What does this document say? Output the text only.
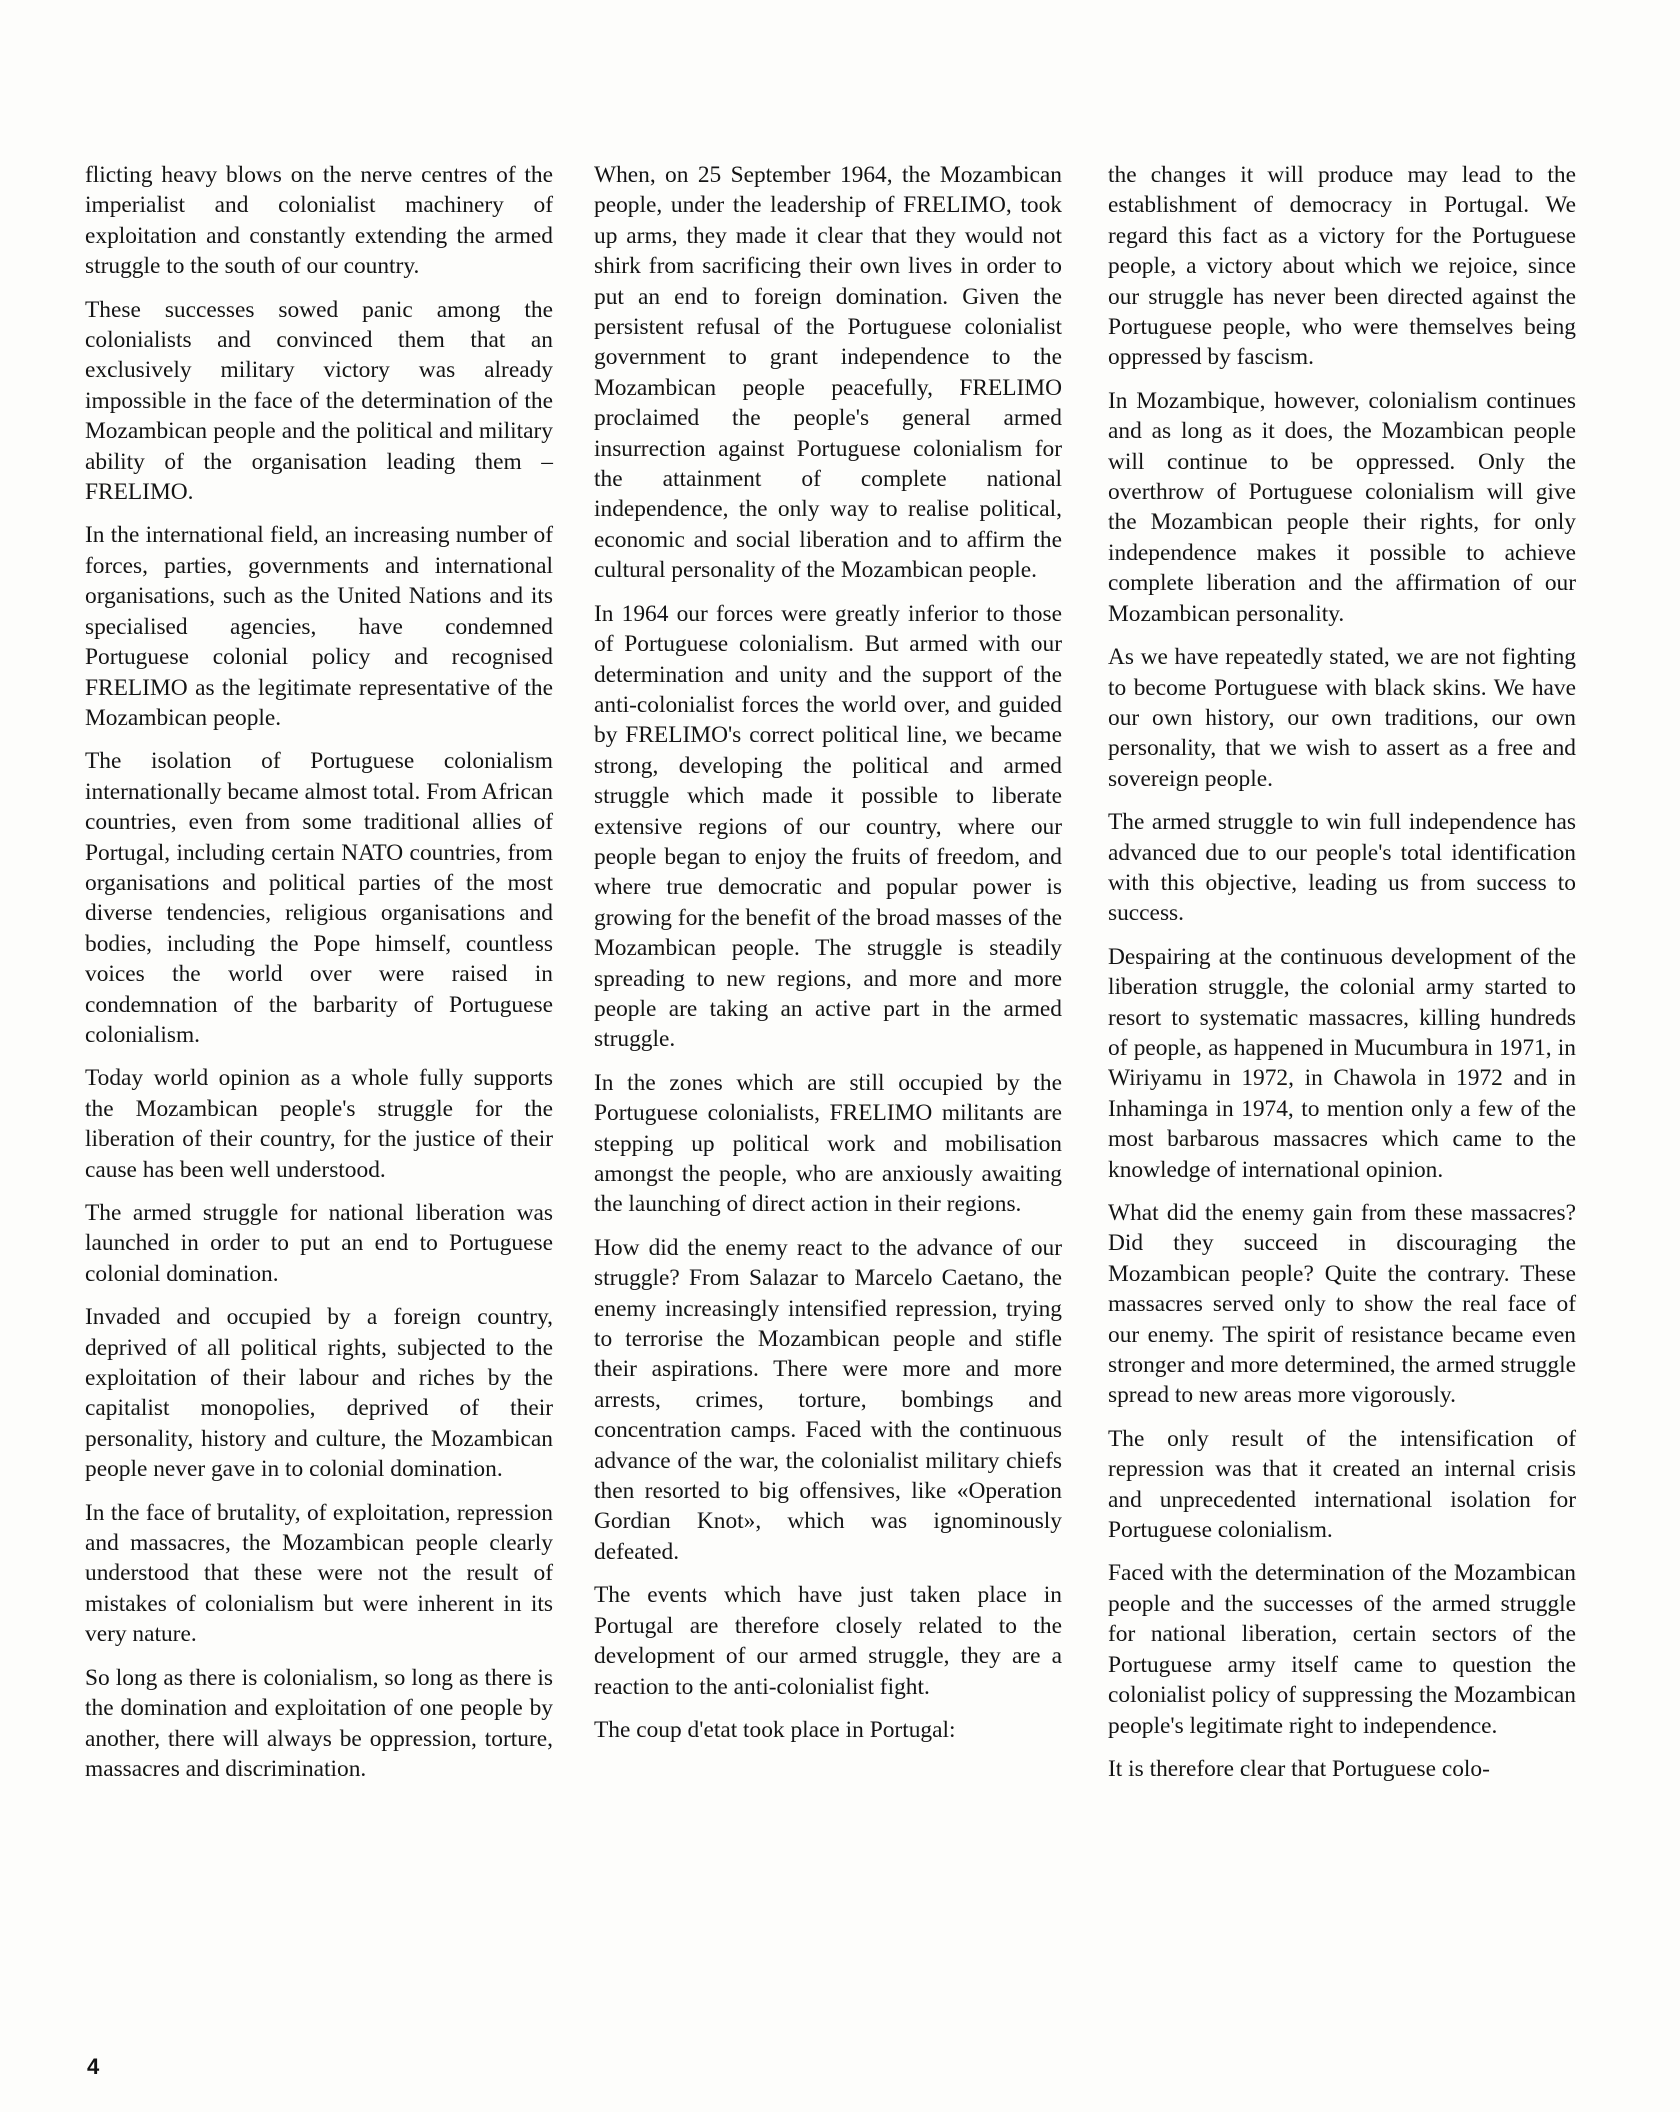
flicting heavy blows on the nerve centres of the imperialist and colonialist machinery of exploitation and constantly extending the armed struggle to the south of our country.

These successes sowed panic among the colonialists and convinced them that an exclusively military victory was already impossible in the face of the determination of the Mozambican people and the political and military ability of the organisation leading them – FRELIMO.

In the international field, an increasing number of forces, parties, governments and international organisations, such as the United Nations and its specialised agencies, have condemned Portuguese colonial policy and recognised FRELIMO as the legitimate representative of the Mozambican people.

The isolation of Portuguese colonialism internationally became almost total. From African countries, even from some traditional allies of Portugal, including certain NATO countries, from organisations and political parties of the most diverse tendencies, religious organisations and bodies, including the Pope himself, countless voices the world over were raised in condemnation of the barbarity of Portuguese colonialism.

Today world opinion as a whole fully supports the Mozambican people's struggle for the liberation of their country, for the justice of their cause has been well understood.

The armed struggle for national liberation was launched in order to put an end to Portuguese colonial domination.

Invaded and occupied by a foreign country, deprived of all political rights, subjected to the exploitation of their labour and riches by the capitalist monopolies, deprived of their personality, history and culture, the Mozambican people never gave in to colonial domination.

In the face of brutality, of exploitation, repression and massacres, the Mozambican people clearly understood that these were not the result of mistakes of colonialism but were inherent in its very nature.

So long as there is colonialism, so long as there is the domination and exploitation of one people by another, there will always be oppression, torture, massacres and discrimination.

When, on 25 September 1964, the Mozambican people, under the leadership of FRELIMO, took up arms, they made it clear that they would not shirk from sacrificing their own lives in order to put an end to foreign domination. Given the persistent refusal of the Portuguese colonialist government to grant independence to the Mozambican people peacefully, FRELIMO proclaimed the people's general armed insurrection against Portuguese colonialism for the attainment of complete national independence, the only way to realise political, economic and social liberation and to affirm the cultural personality of the Mozambican people.

In 1964 our forces were greatly inferior to those of Portuguese colonialism. But armed with our determination and unity and the support of the anti-colonialist forces the world over, and guided by FRELIMO's correct political line, we became strong, developing the political and armed struggle which made it possible to liberate extensive regions of our country, where our people began to enjoy the fruits of freedom, and where true democratic and popular power is growing for the benefit of the broad masses of the Mozambican people. The struggle is steadily spreading to new regions, and more and more people are taking an active part in the armed struggle.

In the zones which are still occupied by the Portuguese colonialists, FRELIMO militants are stepping up political work and mobilisation amongst the people, who are anxiously awaiting the launching of direct action in their regions.

How did the enemy react to the advance of our struggle? From Salazar to Marcelo Caetano, the enemy increasingly intensified repression, trying to terrorise the Mozambican people and stifle their aspirations. There were more and more arrests, crimes, torture, bombings and concentration camps. Faced with the continuous advance of the war, the colonialist military chiefs then resorted to big offensives, like «Operation Gordian Knot», which was ignominously defeated.

The events which have just taken place in Portugal are therefore closely related to the development of our armed struggle, they are a reaction to the anti-colonialist fight.

The coup d'etat took place in Portugal:

the changes it will produce may lead to the establishment of democracy in Portugal. We regard this fact as a victory for the Portuguese people, a victory about which we rejoice, since our struggle has never been directed against the Portuguese people, who were themselves being oppressed by fascism.

In Mozambique, however, colonialism continues and as long as it does, the Mozambican people will continue to be oppressed. Only the overthrow of Portuguese colonialism will give the Mozambican people their rights, for only independence makes it possible to achieve complete liberation and the affirmation of our Mozambican personality.

As we have repeatedly stated, we are not fighting to become Portuguese with black skins. We have our own history, our own traditions, our own personality, that we wish to assert as a free and sovereign people.

The armed struggle to win full independence has advanced due to our people's total identification with this objective, leading us from success to success.

Despairing at the continuous development of the liberation struggle, the colonial army started to resort to systematic massacres, killing hundreds of people, as happened in Mucumbura in 1971, in Wiriyamu in 1972, in Chawola in 1972 and in Inhaminga in 1974, to mention only a few of the most barbarous massacres which came to the knowledge of international opinion.

What did the enemy gain from these massacres? Did they succeed in discouraging the Mozambican people? Quite the contrary. These massacres served only to show the real face of our enemy. The spirit of resistance became even stronger and more determined, the armed struggle spread to new areas more vigorously.

The only result of the intensification of repression was that it created an internal crisis and unprecedented international isolation for Portuguese colonialism.

Faced with the determination of the Mozambican people and the successes of the armed struggle for national liberation, certain sectors of the Portuguese army itself came to question the colonialist policy of suppressing the Mozambican people's legitimate right to independence.

It is therefore clear that Portuguese colo-

4
